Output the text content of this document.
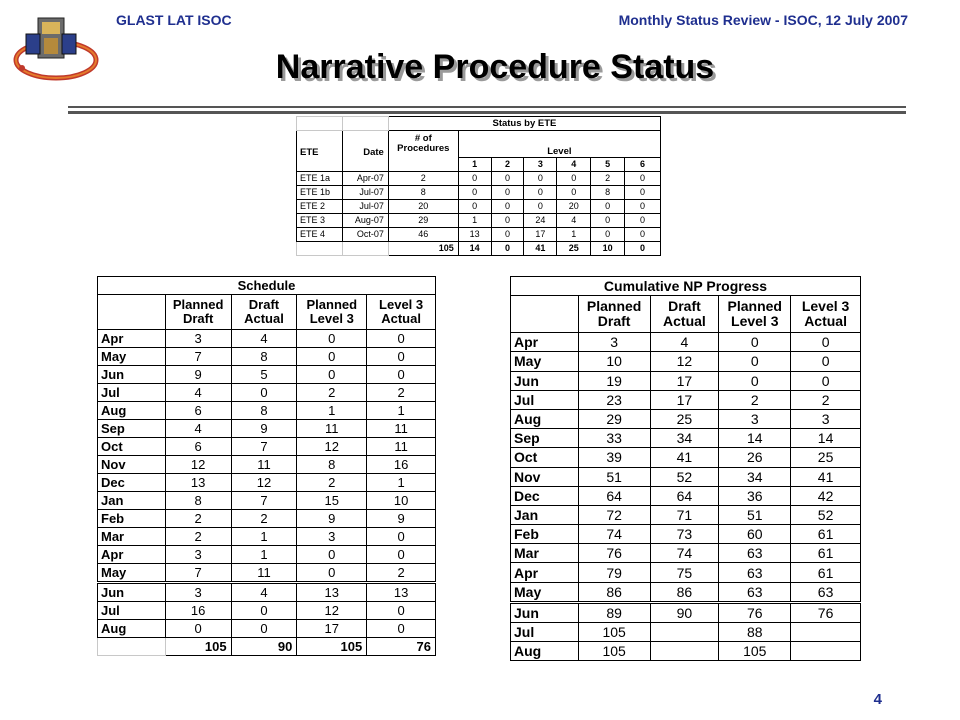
GLAST LAT ISOC	Monthly Status Review - ISOC, 12 July 2007
Narrative Procedure Status
		Status by ETE						
ETE	Date	# of Procedures	Level					
			1	2	3	4	5	6
ETE 1a	Apr-07	2	0	0	0	0	2	0
ETE 1b	Jul-07	8	0	0	0	0	8	0
ETE 2	Jul-07	20	0	0	0	20	0	0
ETE 3	Aug-07	29	1	0	24	4	0	0
ETE 4	Oct-07	46	13	0	17	1	0	0
		105	14	0	41	25	10	0
Schedule				
	Planned Draft	Draft Actual	Planned Level 3	Level 3 Actual
Apr	3	4	0	0
May	7	8	0	0
Jun	9	5	0	0
Jul	4	0	2	2
Aug	6	8	1	1
Sep	4	9	11	11
Oct	6	7	12	11
Nov	12	11	8	16
Dec	13	12	2	1
Jan	8	7	15	10
Feb	2	2	9	9
Mar	2	1	3	0
Apr	3	1	0	0
May	7	11	0	2
Jun	3	4	13	13
Jul	16	0	12	0
Aug	0	0	17	0
	105	90	105	76
Cumulative NP Progress				
	Planned Draft	Draft Actual	Planned Level 3	Level 3 Actual
Apr	3	4	0	0
May	10	12	0	0
Jun	19	17	0	0
Jul	23	17	2	2
Aug	29	25	3	3
Sep	33	34	14	14
Oct	39	41	26	25
Nov	51	52	34	41
Dec	64	64	36	42
Jan	72	71	51	52
Feb	74	73	60	61
Mar	76	74	63	61
Apr	79	75	63	61
May	86	86	63	63
Jun	89	90	76	76
Jul	105		88	
Aug	105		105	
4
